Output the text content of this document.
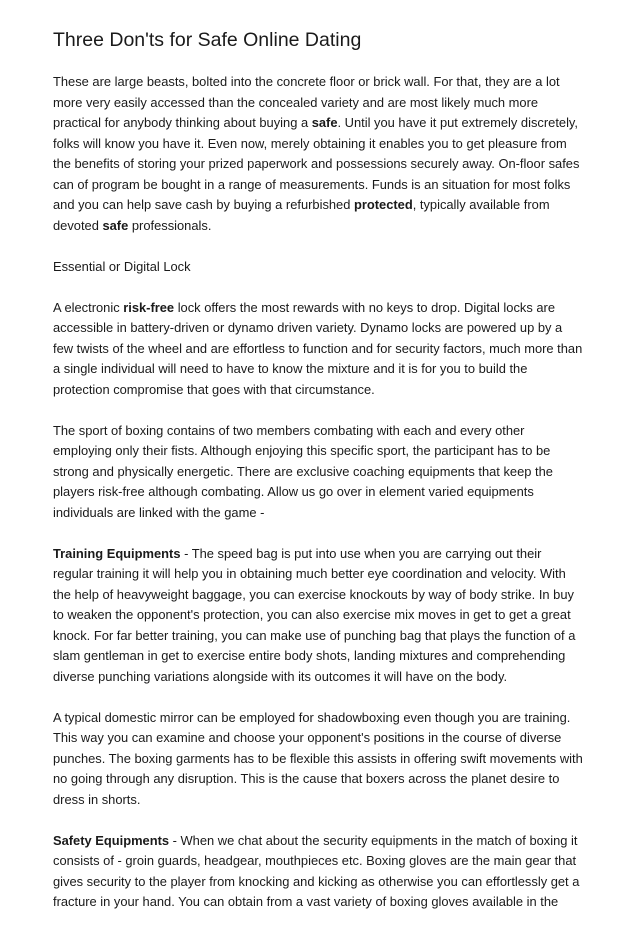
Three Don'ts for Safe Online Dating
These are large beasts, bolted into the concrete floor or brick wall. For that, they are a lot
more very easily accessed than the concealed variety and are most likely much more
practical for anybody thinking about buying a safe. Until you have it put extremely discretely,
folks will know you have it. Even now, merely obtaining it enables you to get pleasure from
the benefits of storing your prized paperwork and possessions securely away. On-floor safes
can of program be bought in a range of measurements. Funds is an situation for most folks
and you can help save cash by buying a refurbished protected, typically available from
devoted safe professionals.
Essential or Digital Lock
A electronic risk-free lock offers the most rewards with no keys to drop. Digital locks are
accessible in battery-driven or dynamo driven variety. Dynamo locks are powered up by a
few twists of the wheel and are effortless to function and for security factors, much more than
a single individual will need to have to know the mixture and it is for you to build the
protection compromise that goes with that circumstance.
The sport of boxing contains of two members combating with each and every other
employing only their fists. Although enjoying this specific sport, the participant has to be
strong and physically energetic. There are exclusive coaching equipments that keep the
players risk-free although combating. Allow us go over in element varied equipments
individuals are linked with the game -
Training Equipments - The speed bag is put into use when you are carrying out their
regular training it will help you in obtaining much better eye coordination and velocity. With
the help of heavyweight baggage, you can exercise knockouts by way of body strike. In buy
to weaken the opponent's protection, you can also exercise mix moves in get to get a great
knock. For far better training, you can make use of punching bag that plays the function of a
slam gentleman in get to exercise entire body shots, landing mixtures and comprehending
diverse punching variations alongside with its outcomes it will have on the body.
A typical domestic mirror can be employed for shadowboxing even though you are training.
This way you can examine and choose your opponent's positions in the course of diverse
punches. The boxing garments has to be flexible this assists in offering swift movements with
no going through any disruption. This is the cause that boxers across the planet desire to
dress in shorts.
Safety Equipments - When we chat about the security equipments in the match of boxing it
consists of - groin guards, headgear, mouthpieces etc. Boxing gloves are the main gear that
gives security to the player from knocking and kicking as otherwise you can effortlessly get a
fracture in your hand. You can obtain from a vast variety of boxing gloves available in the
